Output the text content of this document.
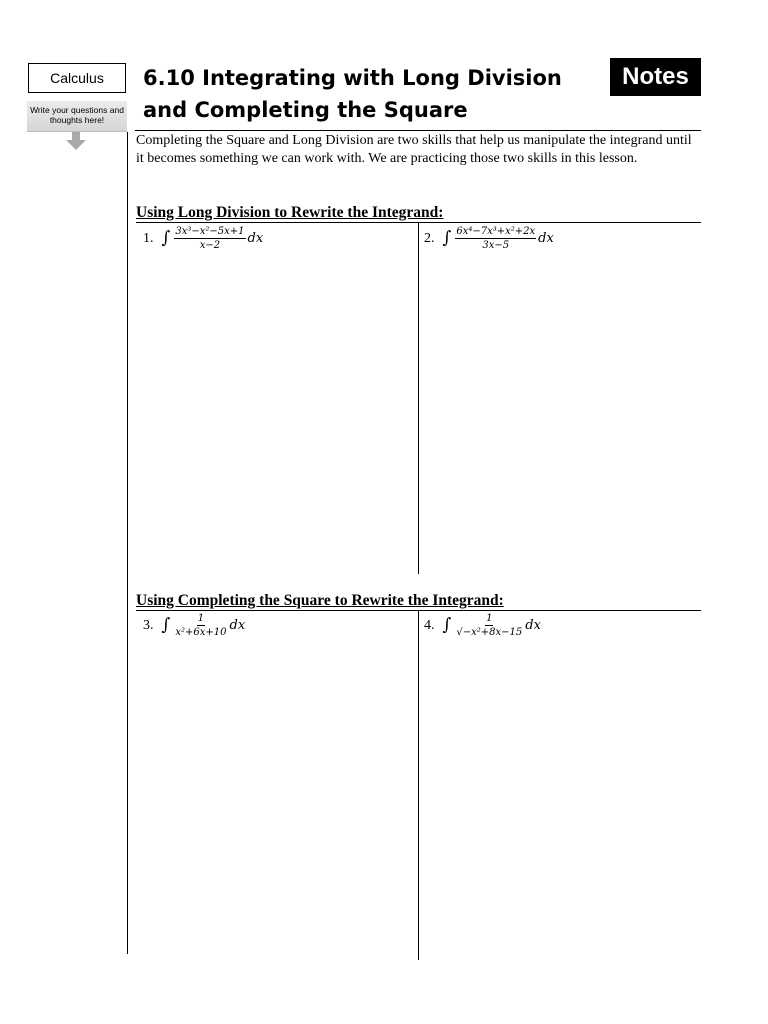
Calculus
Write your questions and thoughts here!
6.10 Integrating with Long Division and Completing the Square
Notes
Completing the Square and Long Division are two skills that help us manipulate the integrand until it becomes something we can work with. We are practicing those two skills in this lesson.
Using Long Division to Rewrite the Integrand:
1. ∫ $\frac{\text{3x³−x²−5x+1}}{x-2}$ dx	2. ∫ $\frac{\text{6x⁴−7x³+x²+2x}}{3x-5}$ dx
Using Completing the Square to Rewrite the Integrand:
3. ∫ $\frac{1}{\text{x²+6x+10}}$ dx	4. ∫ $\frac{1}{\text{√−x²+8x−15}}$ dx
